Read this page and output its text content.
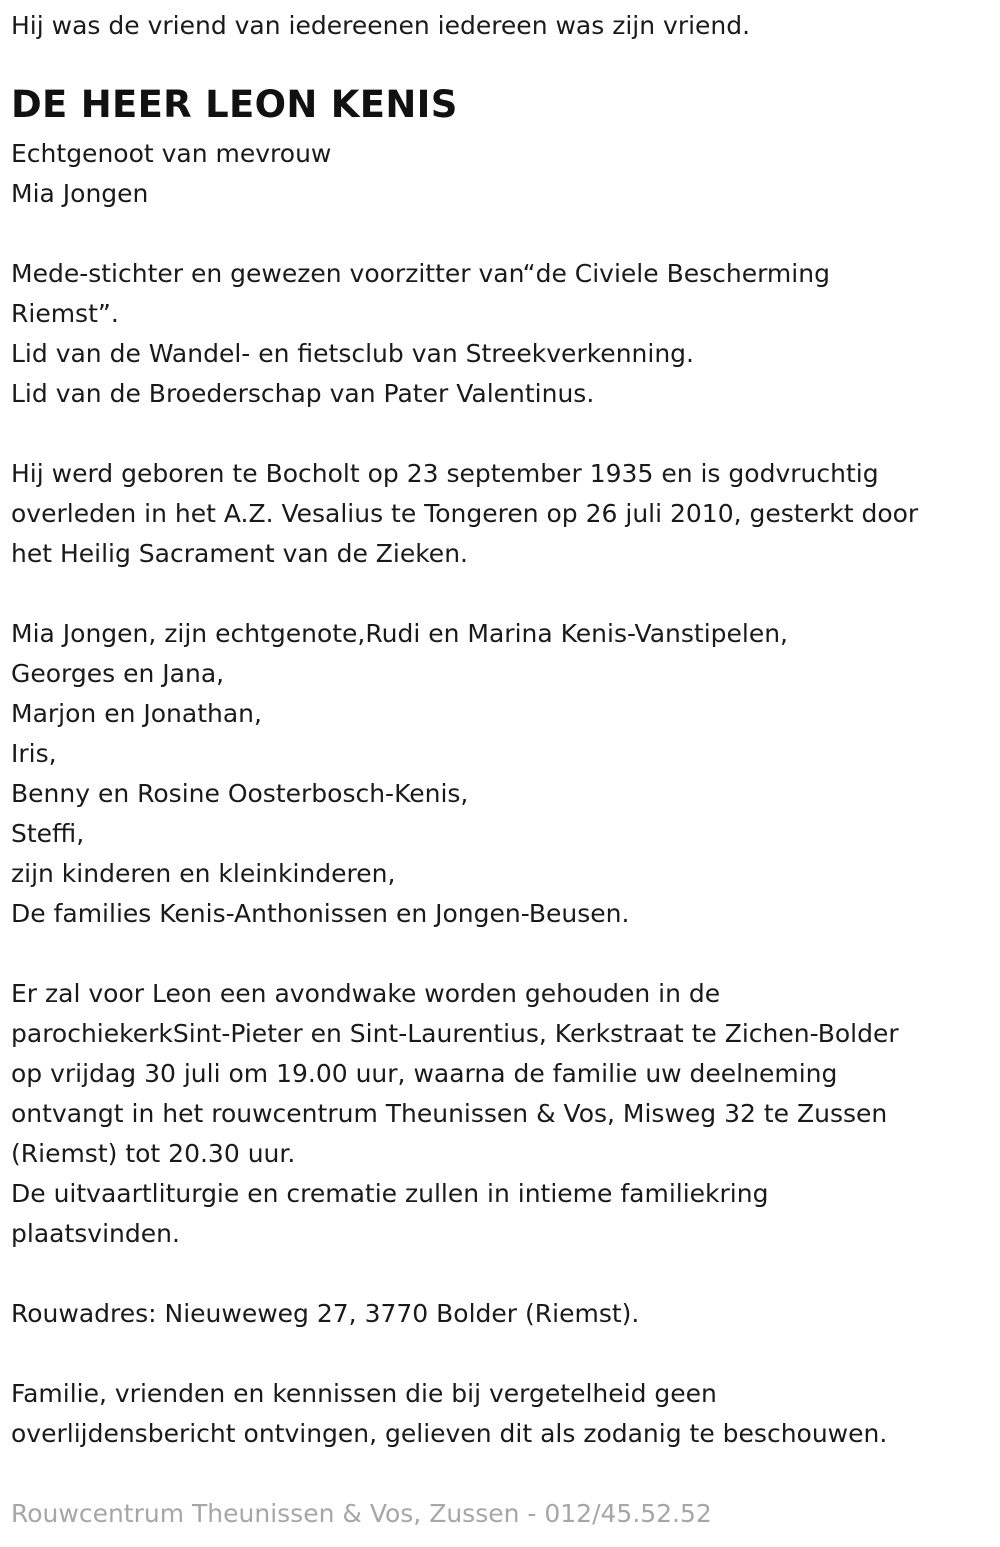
Hij was de vriend van iedereenen iedereen was zijn vriend.

DE HEER LEON KENIS

Echtgenoot van mevrouw
Mia Jongen

Mede-stichter en gewezen voorzitter van“de Civiele Bescherming
Riemst”.
Lid van de Wandel- en fietsclub van Streekverkenning.
Lid van de Broederschap van Pater Valentinus.

Hij werd geboren te Bocholt op 23 september 1935 en is godvruchtig
overleden in het A.Z. Vesalius te Tongeren op 26 juli 2010, gesterkt door
het Heilig Sacrament van de Zieken.

Mia Jongen, zijn echtgenote,Rudi en Marina Kenis-Vanstipelen,
Georges en Jana,
Marjon en Jonathan,
Iris,
Benny en Rosine Oosterbosch-Kenis,
Steffi,
zijn kinderen en kleinkinderen,
De families Kenis-Anthonissen en Jongen-Beusen.

Er zal voor Leon een avondwake worden gehouden in de
parochiekerkSint-Pieter en Sint-Laurentius, Kerkstraat te Zichen-Bolder
op vrijdag 30 juli om 19.00 uur, waarna de familie uw deelneming
ontvangt in het rouwcentrum Theunissen & Vos, Misweg 32 te Zussen
(Riemst) tot 20.30 uur.
De uitvaartliturgie en crematie zullen in intieme familiekring
plaatsvinden.

Rouwadres: Nieuweweg 27, 3770 Bolder (Riemst).

Familie, vrienden en kennissen die bij vergetelheid geen
overlijdensbericht ontvingen, gelieven dit als zodanig te beschouwen.

Rouwcentrum Theunissen & Vos, Zussen - 012/45.52.52
